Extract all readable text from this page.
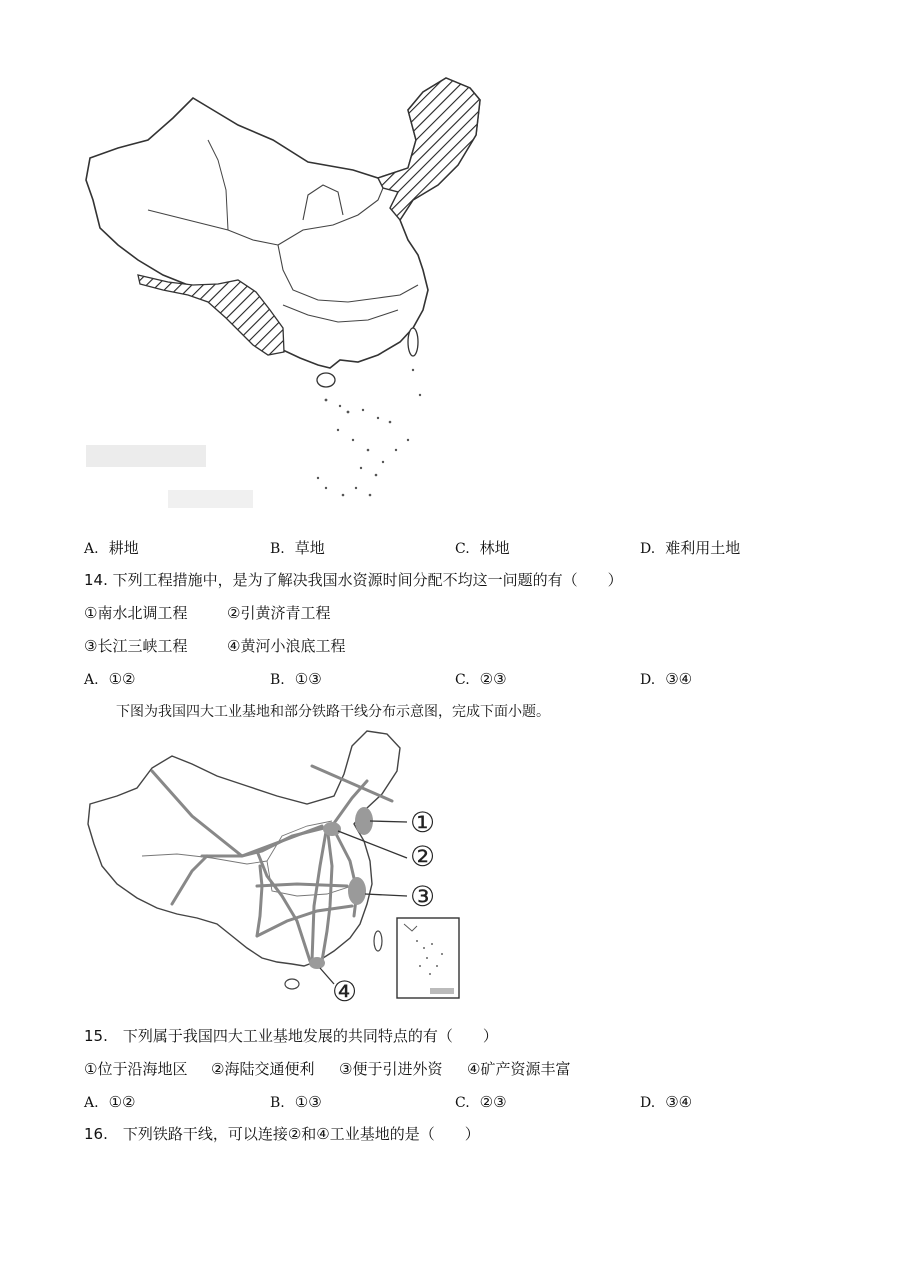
A. 耕地	B. 草地	C. 林地	D. 难利用土地
14. 下列工程措施中，是为了解决我国水资源时间分配不均这一问题的有（　　）
①南水北调工程	②引黄济青工程
③长江三峡工程	④黄河小浪底工程
A. ①②	B. ①③	C. ②③	D. ③④
下图为我国四大工业基地和部分铁路干线分布示意图，完成下面小题。
①
②
③
④
15.　下列属于我国四大工业基地发展的共同特点的有（　　）
①位于沿海地区 ②海陆交通便利 ③便于引进外资 ④矿产资源丰富
A. ①②	B. ①③	C. ②③	D. ③④
16.　下列铁路干线，可以连接②和④工业基地的是（　　）
